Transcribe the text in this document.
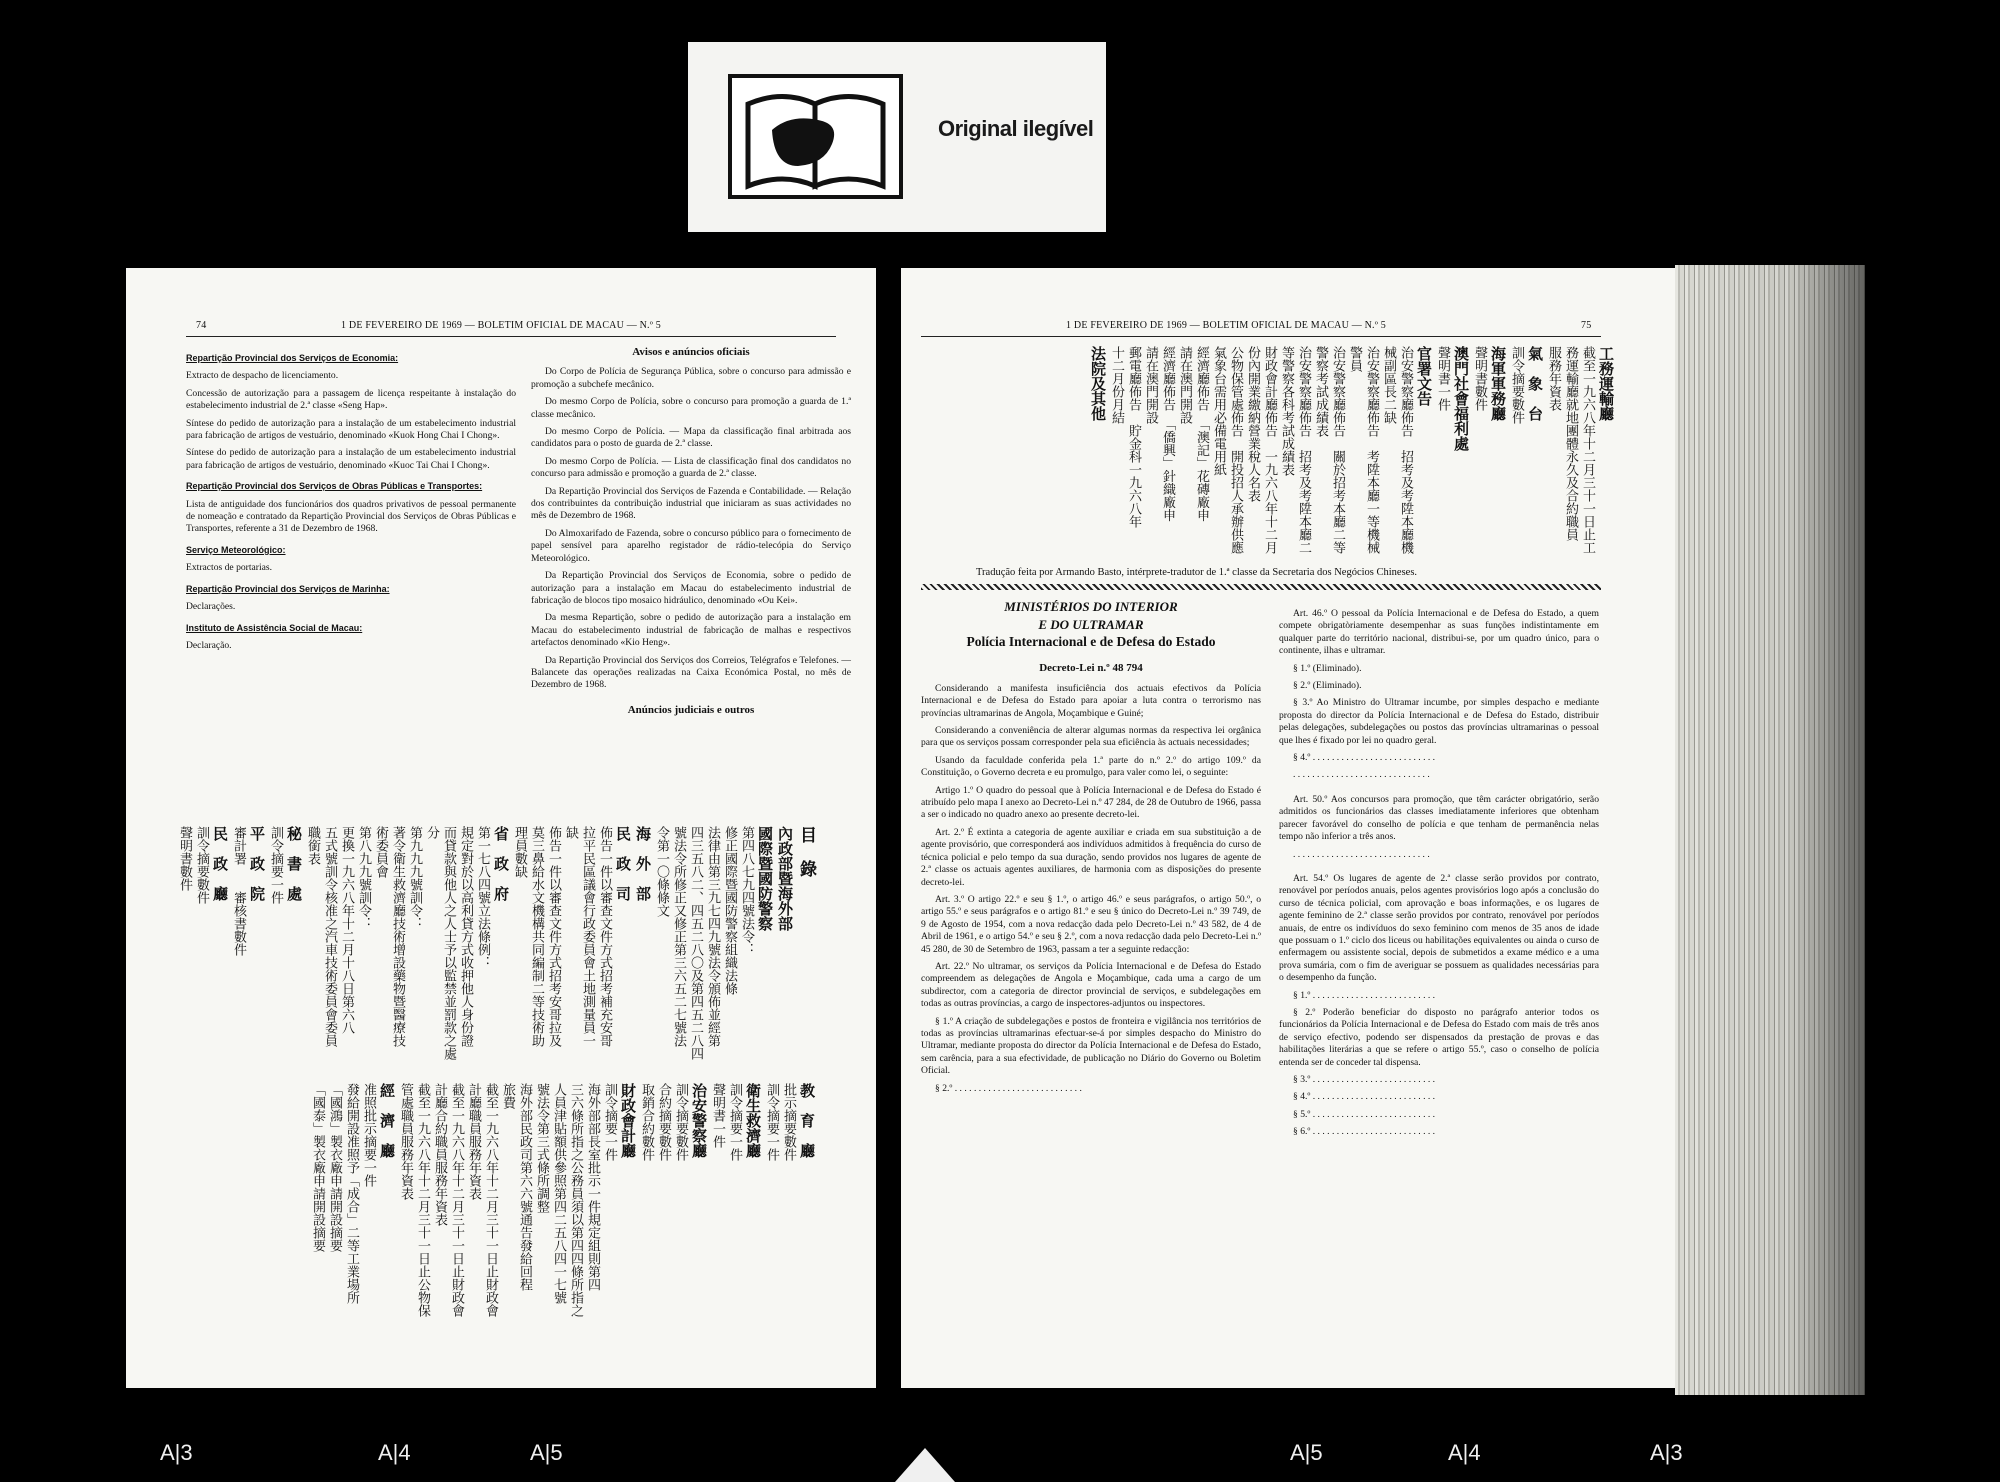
Original ilegível
74	1 DE FEVEREIRO DE 1969 — BOLETIM OFICIAL DE MACAU — N.º 5
Repartição Provincial dos Serviços de Economia:

Extracto de despacho de licenciamento.

Concessão de autorização para a passagem de licença respeitante à instalação do estabelecimento industrial de 2.ª classe «Seng Hap».

Síntese do pedido de autorização para a instalação de um estabelecimento industrial para fabricação de artigos de vestuário, denominado «Kuok Hong Chai I Chong».

Síntese do pedido de autorização para a instalação de um estabelecimento industrial para fabricação de artigos de vestuário, denominado «Kuoc Tai Chai I Chong».

Repartição Provincial dos Serviços de Obras Públicas e Transportes:

Lista de antiguidade dos funcionários dos quadros privativos de pessoal permanente de nomeação e contratado da Repartição Provincial dos Serviços de Obras Públicas e Transportes, referente a 31 de Dezembro de 1968.

Serviço Meteorológico:

Extractos de portarias.

Repartição Provincial dos Serviços de Marinha:

Declarações.

Instituto de Assistência Social de Macau:

Declaração.

Avisos e anúncios oficiais

Do Corpo de Polícia de Segurança Pública, sobre o concurso para admissão e promoção a subchefe mecânico.

Do mesmo Corpo de Polícia, sobre o concurso para promoção a guarda de 1.ª classe mecânico.

Do mesmo Corpo de Polícia. — Mapa da classificação final arbitrada aos candidatos para o posto de guarda de 2.ª classe.

Do mesmo Corpo de Polícia. — Lista de classificação final dos candidatos no concurso para admissão e promoção a guarda de 2.ª classe.

Da Repartição Provincial dos Serviços de Fazenda e Contabilidade. — Relação dos contribuintes da contribuição industrial que iniciaram as suas actividades no mês de Dezembro de 1968.

Do Almoxarifado de Fazenda, sobre o concurso público para o fornecimento de papel sensível para aparelho registador de rádio-telecópia do Serviço Meteorológico.

Da Repartição Provincial dos Serviços de Economia, sobre o pedido de autorização para a instalação em Macau do estabelecimento industrial de fabricação de blocos tipo mosaico hidráulico, denominado «Ou Kei».

Da mesma Repartição, sobre o pedido de autorização para a instalação em Macau do estabelecimento industrial de fabricação de malhas e respectivos artefactos denominado «Kio Heng».

Da Repartição Provincial dos Serviços dos Correios, Telégrafos e Telefones. — Balancete das operações realizadas na Caixa Económica Postal, no mês de Dezembro de 1968.

Anúncios judiciais e outros
目　錄
內政部暨海外部
國際暨國防警察
第四八七九四號法令：
修正國際暨國防警察組織法條
法律由第三九七四九號法令頒佈並經第
四三五八二、四五二八〇及第四五二八四
號法令所修正又修正第三六五二七號法
令第一〇條條文
海　外　部
民　政　司
佈告一件以審查文件方式招考補充安哥
拉平民區議會行政委員會土地測量員一
缺
佈告一件以審查文件方式招考安哥拉及
莫三鼻給水文機構共同編制二等技術助
理員數缺
省　政　府
第一七八四號立法條例：
規定對於以高利貸方式收押他人身份證
而貸款與他人之人士予以監禁並罰款之處
分
第九九九號訓令：
著令衛生救濟廳技術增設藥物暨醫療技
術委員會
第八九九號訓令：
更換一九六八年十二月十八日第六八
五式號訓令核准之汽車技術委員會委員
職銜表
秘　書　處
訓令摘要一件
平　政　院
審計署　　審核書數件
民　政　廳
訓令摘要數件
聲明書數件
教　育　廳
批示摘要數件
訓令摘要一件
衛生救濟廳
訓令摘要一件
聲明書一件
治安警察廳
訓令摘要數件
合約摘要數件
取銷合約數件
財政會計廳
訓令摘要一件
海外部部長室批示一件規定組則第四
三六條所指之公務員須以第四四條所指之
人員津貼額供參照第四二五八四一七號
號法令第三式條所調整
海外部民政司第六六號通告發給回程
旅費
截至一九六八年十二月三十一日止財政會
計廳職員服務年資表
截至一九六八年十二月三十一日止財政會
計廳合約職員服務年資表
截至一九六八年十二月三十一日止公物保
管處職員服務年資表
經　濟　廳
准照批示摘要一件
發給開設准照予「成合」二等工業場所
「國鴻」製衣廠申請開設摘要
「國泰」製衣廠申請開設摘要
1 DE FEVEREIRO DE 1969 — BOLETIM OFICIAL DE MACAU — N.º 5	75
工務運輸廳
截至一九六八年十二月三十一日止工
務運輸廳就地團體永久及合約職員
服務年資表
氣　象　台
訓令摘要數件
海軍軍務廳
聲明書數件
澳門社會福利處
聲明書一件
官署文告
治安警察廳佈告　招考及考陞本廳機
械副區長二缺
治安警察廳佈告　考陞本廳一等機械
警員
治安警察廳佈告　關於招考本廳二等
警察考試成績表
治安警察廳佈告　招考及考陞本廳二
等警察各科考試成績表
財政會計廳佈告　一九六八年十二月
份內開業繳納營業稅人名表
公物保管處佈告　開投招人承辦供應
氣象台需用必備電用紙
經濟廳佈告　「澳記」花磚廠申
請在澳門開設
經濟廳佈告　「僑興」針織廠申
請在澳門開設
郵電廳佈告　貯金科一九六八年
十二月份月結
法院及其他
Tradução feita por Armando Basto, intérprete-tradutor de 1.ª classe da Secretaria dos Negócios Chineses.
MINISTÉRIOS DO INTERIOR
E DO ULTRAMAR
Polícia Internacional e de Defesa do Estado
Decreto-Lei n.º 48 794

Considerando a manifesta insuficiência dos actuais efectivos da Polícia Internacional e de Defesa do Estado para apoiar a luta contra o terrorismo nas províncias ultramarinas de Angola, Moçambique e Guiné;

Considerando a conveniência de alterar algumas normas da respectiva lei orgânica para que os serviços possam corresponder pela sua eficiência às actuais necessidades;

Usando da faculdade conferida pela 1.ª parte do n.º 2.º do artigo 109.º da Constituição, o Governo decreta e eu promulgo, para valer como lei, o seguinte:

Artigo 1.º O quadro do pessoal que à Polícia Internacional e de Defesa do Estado é atribuído pelo mapa I anexo ao Decreto-Lei n.º 47 284, de 28 de Outubro de 1966, passa a ser o indicado no quadro anexo ao presente decreto-lei.

Art. 2.º É extinta a categoria de agente auxiliar e criada em sua substituição a de agente provisório, que corresponderá aos indivíduos admitidos à frequência do curso de técnica policial e pelo tempo da sua duração, sendo providos nos lugares de agente de 2.ª classe os actuais agentes auxiliares, de harmonia com as disposições do presente decreto-lei.

Art. 3.º O artigo 22.º e seu § 1.º, o artigo 46.º e seus parágrafos, o artigo 50.º, o artigo 55.º e seus parágrafos e o artigo 81.º e seu § único do Decreto-Lei n.º 39 749, de 9 de Agosto de 1954, com a nova redacção dada pelo Decreto-Lei n.º 43 582, de 4 de Abril de 1961, e o artigo 54.º e seu § 2.º, com a nova redacção dada pelo Decreto-Lei n.º 45 280, de 30 de Setembro de 1963, passam a ter a seguinte redacção:

Art. 22.º No ultramar, os serviços da Polícia Internacional e de Defesa do Estado compreendem as delegações de Angola e Moçambique, cada uma a cargo de um subdirector, com a categoria de director provincial de serviços, e subdelegações em todas as outras províncias, a cargo de inspectores-adjuntos ou inspectores.

§ 1.º A criação de subdelegações e postos de fronteira e vigilância nos territórios de todas as províncias ultramarinas efectuar-se-á por simples despacho do Ministro do Ultramar, mediante proposta do director da Polícia Internacional e de Defesa do Estado, sem carência, para a sua efectividade, de publicação no Diário do Governo ou Boletim Oficial.

§ 2.º . . . . . . . . . . . . . . . . . . . . . . . . . . .

Art. 46.º O pessoal da Polícia Internacional e de Defesa do Estado, a quem compete obrigatòriamente desempenhar as suas funções indistintamente em qualquer parte do território nacional, distribui-se, por um quadro único, para o continente, ilhas e ultramar.

§ 1.º (Eliminado).

§ 2.º (Eliminado).

§ 3.º Ao Ministro do Ultramar incumbe, por simples despacho e mediante proposta do director da Polícia Internacional e de Defesa do Estado, distribuir pelas delegações, subdelegações ou postos das províncias ultramarinas o pessoal que lhes é fixado por lei no quadro geral.

§ 4.º . . . . . . . . . . . . . . . . . . . . . . . . . .

. . . . . . . . . . . . . . . . . . . . . . . . . . . . .

Art. 50.º Aos concursos para promoção, que têm carácter obrigatório, serão admitidos os funcionários das classes imediatamente inferiores que obtenham parecer favorável do conselho de polícia e que tenham de permanência nelas tempo não inferior a três anos.

. . . . . . . . . . . . . . . . . . . . . . . . . . . . .

Art. 54.º Os lugares de agente de 2.ª classe serão providos por contrato, renovável por períodos anuais, pelos agentes provisórios logo após a conclusão do curso de técnica policial, com aprovação e boas informações, e os lugares de agente feminino de 2.ª classe serão providos por contrato, renovável por períodos anuais, de entre os indivíduos do sexo feminino com menos de 35 anos de idade que possuam o 1.º ciclo dos liceus ou habilitações equivalentes ou ainda o curso de enfermagem ou assistente social, depois de submetidos a exame médico e a uma prova sumária, com o fim de averiguar se possuem as qualidades necessárias para o desempenho da função.

§ 1.º . . . . . . . . . . . . . . . . . . . . . . . . . .

§ 2.º Poderão beneficiar do disposto no parágrafo anterior todos os funcionários da Polícia Internacional e de Defesa do Estado com mais de três anos de serviço efectivo, podendo ser dispensados da prestação de provas e das habilitações literárias a que se refere o artigo 55.º, caso o conselho de polícia entenda ser de conceder tal dispensa.

§ 3.º . . . . . . . . . . . . . . . . . . . . . . . . . .

§ 4.º . . . . . . . . . . . . . . . . . . . . . . . . . .

§ 5.º . . . . . . . . . . . . . . . . . . . . . . . . . .

§ 6.º . . . . . . . . . . . . . . . . . . . . . . . . . .

A|3	A|4	A|5	A|5	A|4	A|3
